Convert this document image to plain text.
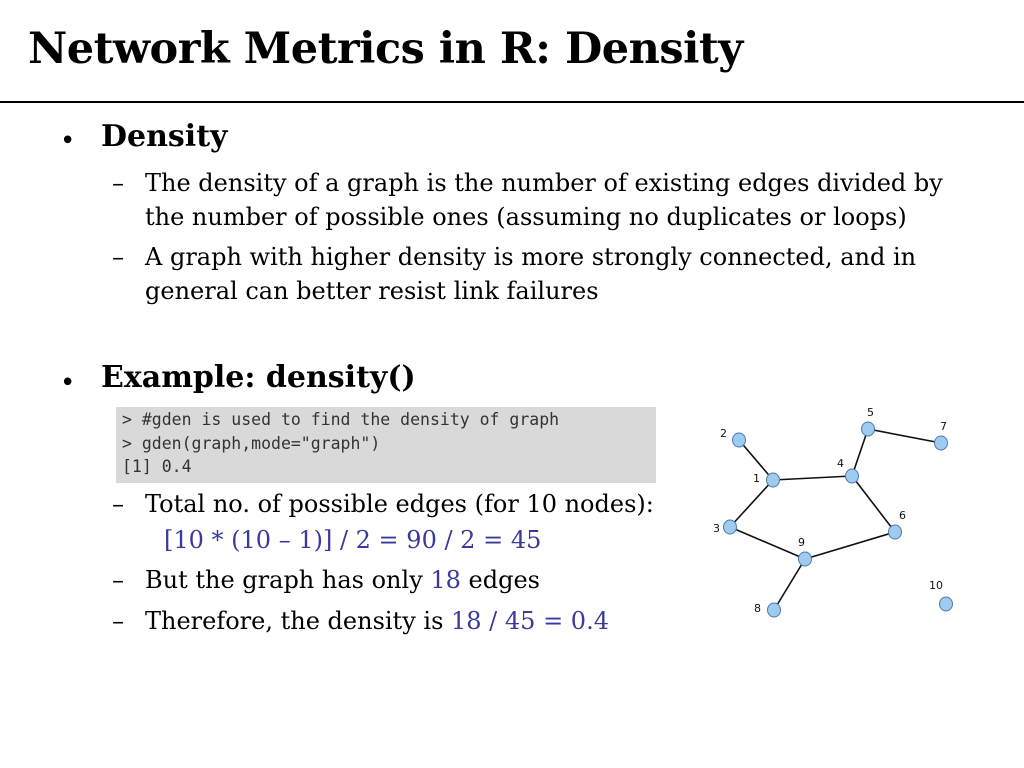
Network Metrics in R: Density
• Density
– The density of a graph is the number of existing edges divided by
the number of possible ones (assuming no duplicates or loops)
– A graph with higher density is more strongly connected, and in
general can better resist link failures
• Example: density()
> #gden is used to find the density of graph
> gden(graph,mode="graph")
[1] 0.4
– Total no. of possible edges (for 10 nodes):
[10 * (10 – 1)] / 2 = 90 / 2 = 45
– But the graph has only 18 edges
– Therefore, the density is 18 / 45 = 0.4
1
2
3
4
5
6
7
8
9
10
